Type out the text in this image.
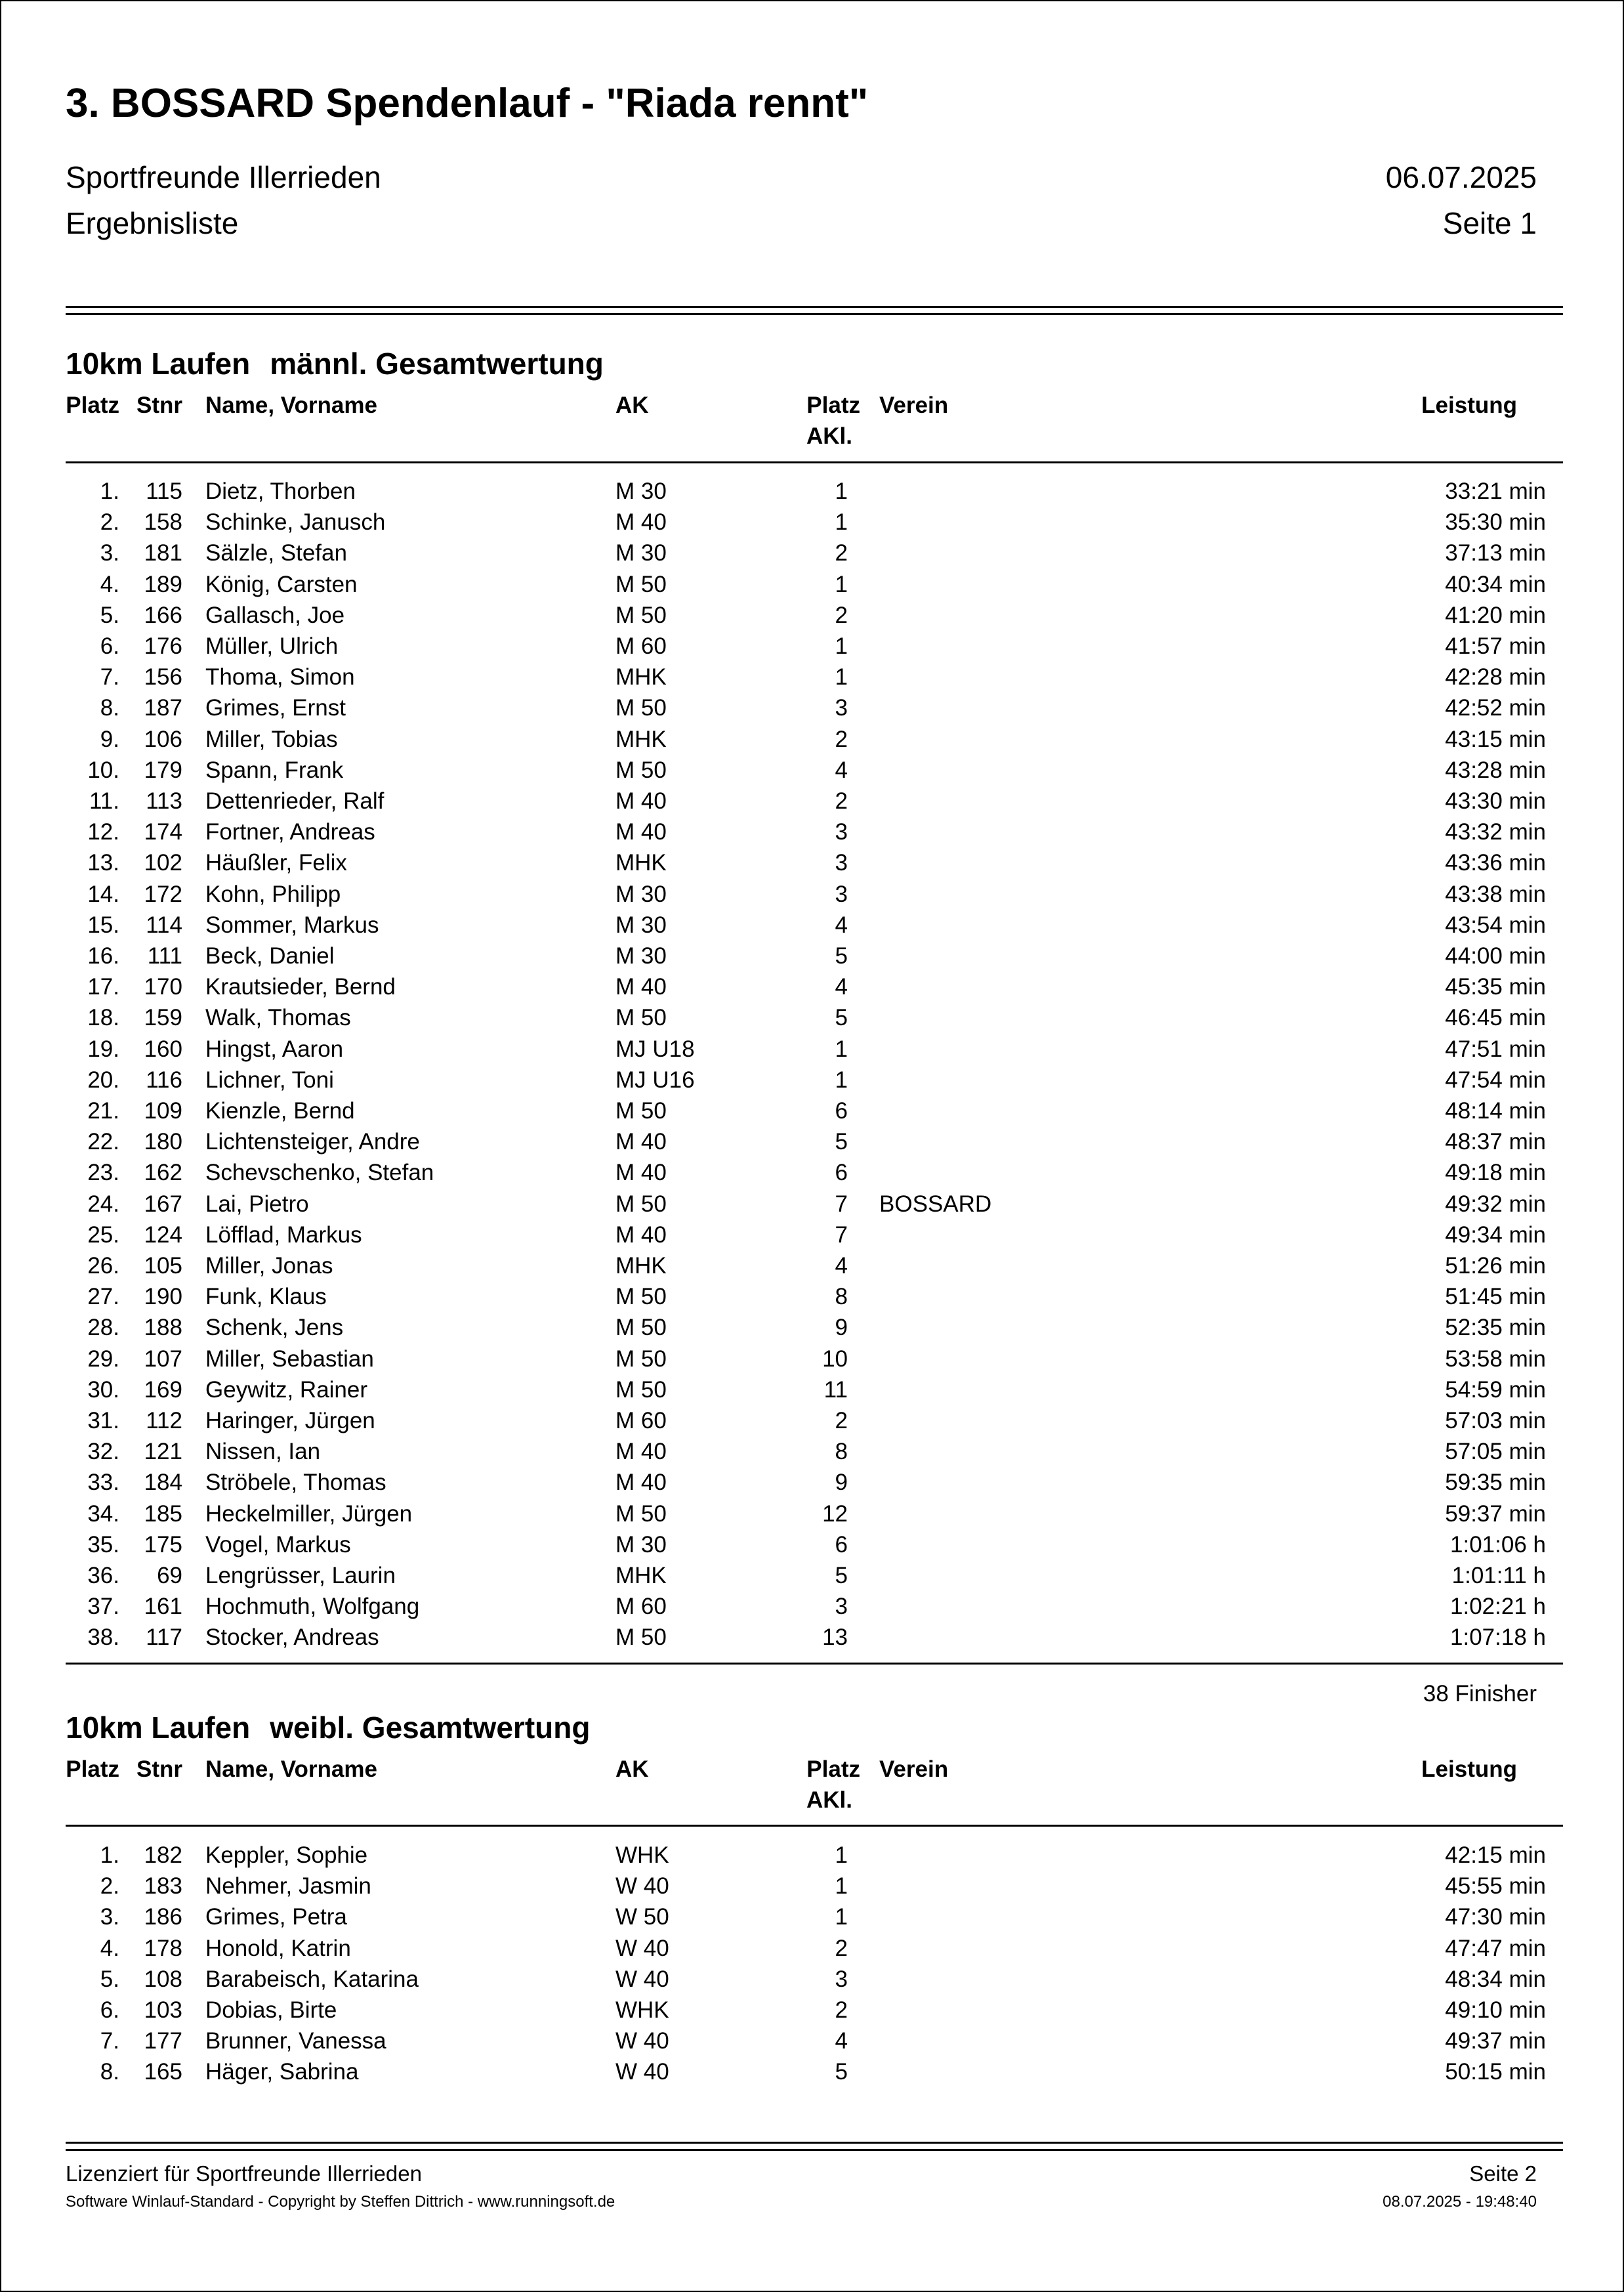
3. BOSSARD Spendenlauf - "Riada rennt"
Sportfreunde Illerrieden	06.07.2025
Ergebnisliste	Seite 1
10km Laufen männl. Gesamtwertung
Platz Stnr Name, Vorname	AK	Platz
AKl.
Verein	Leistung
1. 115 Dietz, Thorben	M 30	1	33:21 min
2. 158 Schinke, Janusch	M 40	1	35:30 min
3. 181 Sälzle, Stefan	M 30	2	37:13 min
4. 189 König, Carsten	M 50	1	40:34 min
5. 166 Gallasch, Joe	M 50	2	41:20 min
6. 176 Müller, Ulrich	M 60	1	41:57 min
7. 156 Thoma, Simon	MHK	1	42:28 min
8. 187 Grimes, Ernst	M 50	3	42:52 min
9. 106 Miller, Tobias	MHK	2	43:15 min
10. 179 Spann, Frank	M 50	4	43:28 min
11. 113 Dettenrieder, Ralf	M 40	2	43:30 min
12. 174 Fortner, Andreas	M 40	3	43:32 min
13. 102 Häußler, Felix	MHK	3	43:36 min
14. 172 Kohn, Philipp	M 30	3	43:38 min
15. 114 Sommer, Markus	M 30	4	43:54 min
16. 111 Beck, Daniel	M 30	5	44:00 min
17. 170 Krautsieder, Bernd	M 40	4	45:35 min
18. 159 Walk, Thomas	M 50	5	46:45 min
19. 160 Hingst, Aaron	MJ U18	1	47:51 min
20. 116 Lichner, Toni	MJ U16	1	47:54 min
21. 109 Kienzle, Bernd	M 50	6	48:14 min
22. 180 Lichtensteiger, Andre	M 40	5	48:37 min
23. 162 Schevschenko, Stefan	M 40	6	49:18 min
24. 167 Lai, Pietro	M 50	7 BOSSARD	49:32 min
25. 124 Löfflad, Markus	M 40	7	49:34 min
26. 105 Miller, Jonas	MHK	4	51:26 min
27. 190 Funk, Klaus	M 50	8	51:45 min
28. 188 Schenk, Jens	M 50	9	52:35 min
29. 107 Miller, Sebastian	M 50	10	53:58 min
30. 169 Geywitz, Rainer	M 50	11	54:59 min
31. 112 Haringer, Jürgen	M 60	2	57:03 min
32. 121 Nissen, Ian	M 40	8	57:05 min
33. 184 Ströbele, Thomas	M 40	9	59:35 min
34. 185 Heckelmiller, Jürgen	M 50	12	59:37 min
35. 175 Vogel, Markus	M 30	6	1:01:06 h
36. 69 Lengrüsser, Laurin	MHK	5	1:01:11 h
37. 161 Hochmuth, Wolfgang	M 60	3	1:02:21 h
38. 117 Stocker, Andreas	M 50	13	1:07:18 h
38 Finisher
10km Laufen weibl. Gesamtwertung
Platz Stnr Name, Vorname	AK	Platz
AKl.
Verein	Leistung
1. 182 Keppler, Sophie	WHK	1	42:15 min
2. 183 Nehmer, Jasmin	W 40	1	45:55 min
3. 186 Grimes, Petra	W 50	1	47:30 min
4. 178 Honold, Katrin	W 40	2	47:47 min
5. 108 Barabeisch, Katarina	W 40	3	48:34 min
6. 103 Dobias, Birte	WHK	2	49:10 min
7. 177 Brunner, Vanessa	W 40	4	49:37 min
8. 165 Häger, Sabrina	W 40	5	50:15 min
Lizenziert für Sportfreunde Illerrieden	Seite 2
Software Winlauf-Standard - Copyright by Steffen Dittrich - www.runningsoft.de	08.07.2025 - 19:48:40
